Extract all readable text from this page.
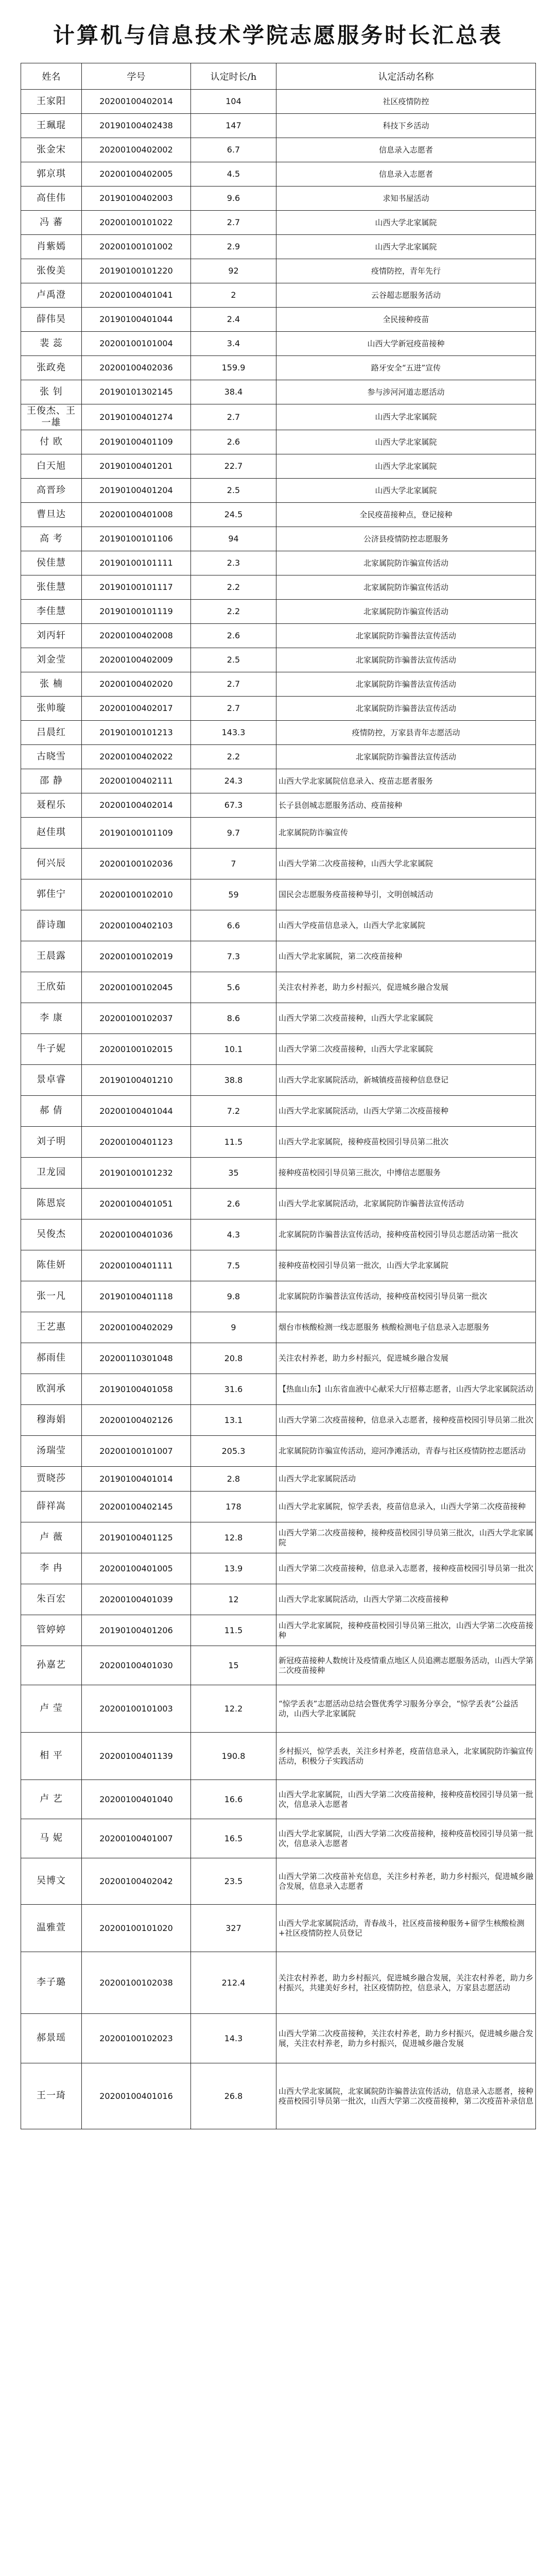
计算机与信息技术学院志愿服务时长汇总表
姓名	学号	认定时长/h	认定活动名称
王家阳	20200100402014	104	社区疫情防控
王珮琨	20190100402438	147	科技下乡活动
张金宋	20200100402002	6.7	信息录入志愿者
郭京琪	20200100402005	4.5	信息录入志愿者
高佳伟	20190100402003	9.6	求知书屋活动
冯 蕃	20200100101022	2.7	山西大学北家属院
肖紫嫣	20200100101002	2.9	山西大学北家属院
张俊美	20190100101220	92	疫情防控，青年先行
卢禹澄	20200100401041	2	云谷超志愿服务活动
薛伟昊	20190100401044	2.4	全民接种疫苗
裴 蕊	20200100101004	3.4	山西大学新冠疫苗接种
张政堯	20200100402036	159.9	路牙安全“五进”宣传
张 钊	20190101302145	38.4	参与涉河河道志愿活动
王俊杰、王一雄	20190100401274	2.7	山西大学北家属院
付 欧	20190100401109	2.6	山西大学北家属院
白天旭	20190100401201	22.7	山西大学北家属院
高晋珍	20190100401204	2.5	山西大学北家属院
曹旦达	20200100401008	24.5	全民疫苗接种点，登记接种
高 考	20190100101106	94	公济县疫情防控志愿服务
侯佳慧	20190100101111	2.3	北家属院防诈骗宣传活动
张佳慧	20190100101117	2.2	北家属院防诈骗宣传活动
李佳慧	20190100101119	2.2	北家属院防诈骗宣传活动
刘丙轩	20200100402008	2.6	北家属院防诈骗普法宣传活动
刘金莹	20200100402009	2.5	北家属院防诈骗普法宣传活动
张 楠	20200100402020	2.7	北家属院防诈骗普法宣传活动
张帅璇	20200100402017	2.7	北家属院防诈骗普法宣传活动
吕晨红	20190100101213	143.3	疫情防控，万家县青年志愿活动
古晓雪	20200100402022	2.2	北家属院防诈骗普法宣传活动
邵 静	20200100402111	24.3	山西大学北家属院信息录入、疫苗志愿者服务
聂程乐	20200100402014	67.3	长子县创城志愿服务活动、疫苗接种
赵佳琪	20190100101109	9.7	北家属院防诈骗宣传
何兴辰	20200100102036	7	山西大学第二次疫苗接种，山西大学北家属院
郭佳宁	20200100102010	59	国民会志愿服务疫苗接种导引，文明创城活动
薛诗珈	20200100402103	6.6	山西大学疫苗信息录入，山西大学北家属院
王晨露	20200100102019	7.3	山西大学北家属院，第二次疫苗接种
王欣茹	20200100102045	5.6	关注农村养老，助力乡村振兴，促进城乡融合发展
李 康	20200100102037	8.6	山西大学第二次疫苗接种，山西大学北家属院
牛子妮	20200100102015	10.1	山西大学第二次疫苗接种，山西大学北家属院
景卓睿	20190100401210	38.8	山西大学北家属院活动，新城镇疫苗接种信息登记
郝 倩	20200100401044	7.2	山西大学北家属院活动，山西大学第二次疫苗接种
刘子明	20200100401123	11.5	山西大学北家属院，接种疫苗校园引导员第二批次
卫龙园	20190100101232	35	接种疫苗校园引导员第三批次，中博信志愿服务
陈恩宸	20200100401051	2.6	山西大学北家属院活动，北家属院防诈骗普法宣传活动
吴俊杰	20200100401036	4.3	北家属院防诈骗普法宣传活动，接种疫苗校园引导员志愿活动第一批次
陈佳妍	20200100401111	7.5	接种疫苗校园引导员第一批次，山西大学北家属院
张一凡	20190100401118	9.8	北家属院防诈骗普法宣传活动，接种疫苗校园引导员第一批次
王艺惠	20200100402029	9	烟台市核酸检测一线志愿服务 核酸检测电子信息录入志愿服务
郝雨佳	20200110301048	20.8	关注农村养老，助力乡村振兴，促进城乡融合发展
欧润承	20190100401058	31.6	【热血山东】山东省血液中心献采大厅招募志愿者，山西大学北家属院活动
穆海娟	20200100402126	13.1	山西大学第二次疫苗接种，信息录入志愿者，接种疫苗校园引导员第二批次
汤瑞莹	20200100101007	205.3	北家属院防诈骗宣传活动，迎河净滩活动，青春与社区疫情防控志愿活动
贾晓莎	20190100401014	2.8	山西大学北家属院活动
薛祥嵩	20200100402145	178	山西大学北家属院，惊学丢表，疫苗信息录入，山西大学第二次疫苗接种
卢 薇	20190100401125	12.8	山西大学第二次疫苗接种，接种疫苗校园引导员第三批次，山西大学北家属院
李 冉	20200100401005	13.9	山西大学第二次疫苗接种，信息录入志愿者，接种疫苗校园引导员第一批次
朱百宏	20200100401039	12	山西大学北家属院活动，山西大学第二次疫苗接种
管婷婷	20190100401206	11.5	山西大学北家属院，接种疫苗校园引导员第三批次，山西大学第二次疫苗接种
孙嘉艺	20200100401030	15	新冠疫苗接种人数统计及疫情重点地区人员追溯志愿服务活动，山西大学第二次疫苗接种
卢 莹	20200100101003	12.2	“惊学丢表”志愿活动总结会暨优秀学习服务分享会，“惊学丢表”公益活动，山西大学北家属院
相 平	20200100401139	190.8	乡村振兴，惊学丢表，关注乡村养老，疫苗信息录入，北家属院防诈骗宣传活动，积极分子实践活动
卢 艺	20200100401040	16.6	山西大学北家属院，山西大学第二次疫苗接种，接种疫苗校园引导员第一批次，信息录入志愿者
马 妮	20200100401007	16.5	山西大学北家属院，山西大学第二次疫苗接种，接种疫苗校园引导员第一批次，信息录入志愿者
吴博文	20200100402042	23.5	山西大学第二次疫苗补充信息，关注乡村养老，助力乡村振兴，促进城乡融合发展，信息录入志愿者
温雅萱	20200100101020	327	山西大学北家属院活动，青春战斗，社区疫苗接种服务+留学生核酸检测+社区疫情防控人员登记
李子璐	20200100102038	212.4	关注农村养老，助力乡村振兴，促进城乡融合发展，关注农村养老，助力乡村振兴，共建美好乡村，社区疫情防控，信息录入，万家县志愿活动
郝景瑶	20200100102023	14.3	山西大学第二次疫苗接种，关注农村养老，助力乡村振兴，促进城乡融合发展，关注农村养老，助力乡村振兴，促进城乡融合发展
王一琦	20200100401016	26.8	山西大学北家属院，北家属院防诈骗普法宣传活动，信息录入志愿者，接种疫苗校园引导员第一批次，山西大学第二次疫苗接种，第二次疫苗补录信息
